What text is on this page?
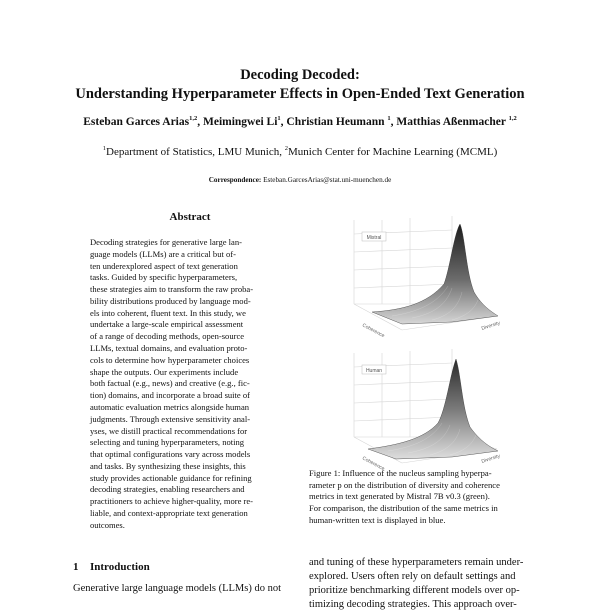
Decoding Decoded:
Understanding Hyperparameter Effects in Open-Ended Text Generation
Esteban Garces Arias$^{1,2}$, Meimingwei Li$^1$, Christian Heumann $^1$, Matthias Aßenmacher $^{1,2}$
$^1$Department of Statistics, LMU Munich, $^2$Munich Center for Machine Learning (MCML)
Correspondence: Esteban.GarcesArias@stat.uni-muenchen.de
Abstract
Decoding strategies for generative large lan-
guage models (LLMs) are a critical but of-
ten underexplored aspect of text generation
tasks. Guided by specific hyperparameters,
these strategies aim to transform the raw proba-
bility distributions produced by language mod-
els into coherent, fluent text. In this study, we
undertake a large-scale empirical assessment
of a range of decoding methods, open-source
LLMs, textual domains, and evaluation proto-
cols to determine how hyperparameter choices
shape the outputs. Our experiments include
both factual (e.g., news) and creative (e.g., fic-
tion) domains, and incorporate a broad suite of
automatic evaluation metrics alongside human
judgments. Through extensive sensitivity anal-
yses, we distill practical recommendations for
selecting and tuning hyperparameters, noting
that optimal configurations vary across models
and tasks. By synthesizing these insights, this
study provides actionable guidance for refining
decoding strategies, enabling researchers and
practitioners to achieve higher-quality, more re-
liable, and context-appropriate text generation
outcomes.
Mistral
Coherence	Diversity
Human
Coherence	Diversity
Figure 1: Influence of the nucleus sampling hyperpa-
rameter p on the distribution of diversity and coherence
metrics in text generated by Mistral 7B v0.3 (green).
For comparison, the distribution of the same metrics in
human-written text is displayed in blue.
1 Introduction
Generative large language models (LLMs) do not
and tuning of these hyperparameters remain under-
explored. Users often rely on default settings and
prioritize benchmarking different models over op-
timizing decoding strategies. This approach over-
